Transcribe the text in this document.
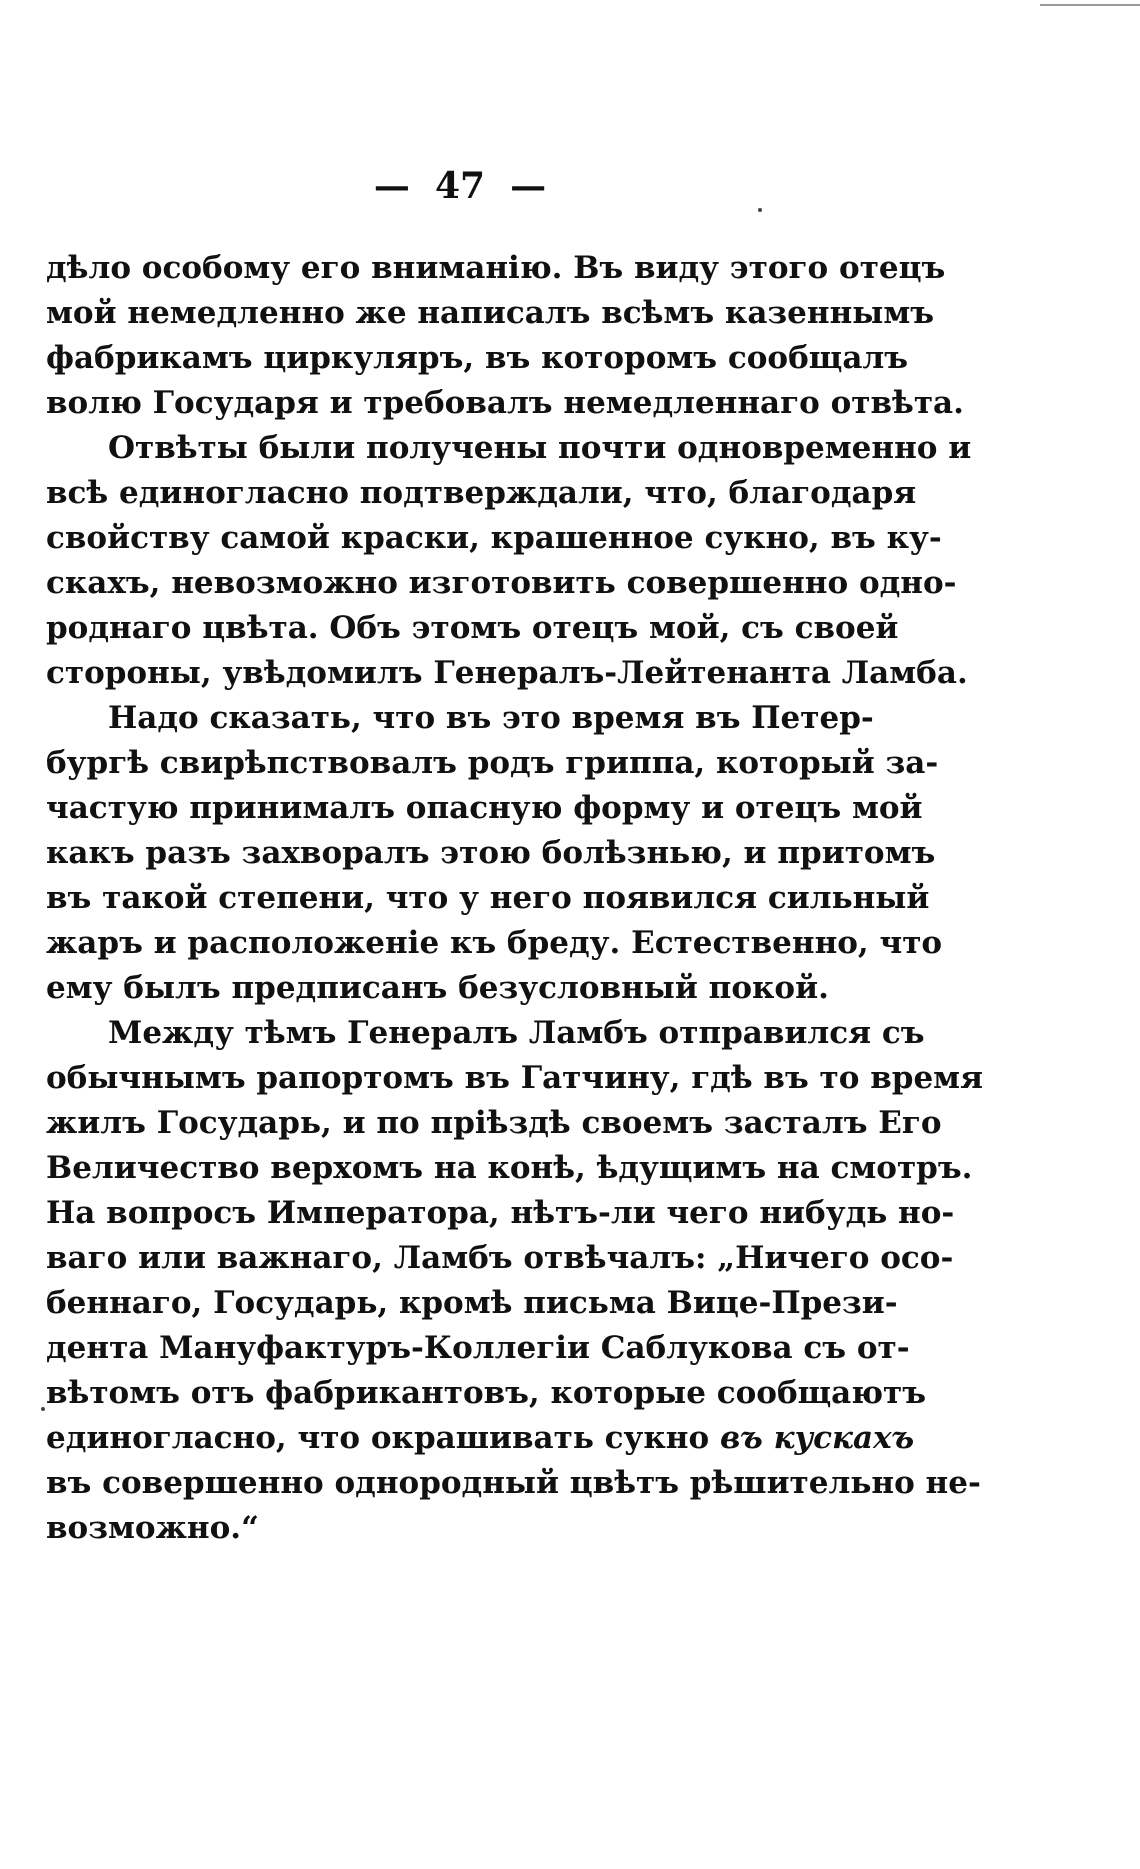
—  47  —
дѣло особому его вниманію. Въ виду этого отецъ
мой немедленно же написалъ всѣмъ казеннымъ
фабрикамъ циркуляръ, въ которомъ сообщалъ
волю Государя и требовалъ немедленнаго отвѣта.
Отвѣты были получены почти одновременно и
всѣ единогласно подтверждали, что, благодаря
свойству самой краски, крашенное сукно, въ ку-
скахъ, невозможно изготовить совершенно одно-
роднаго цвѣта. Объ этомъ отецъ мой, съ своей
стороны, увѣдомилъ Генералъ-Лейтенанта Ламба.
Надо сказать, что въ это время въ Петер-
бургѣ свирѣпствовалъ родъ гриппа, который за-
частую принималъ опасную форму и отецъ мой
какъ разъ захворалъ этою болѣзнью, и притомъ
въ такой степени, что у него появился сильный
жаръ и расположеніе къ бреду. Естественно, что
ему былъ предписанъ безусловный покой.
Между тѣмъ Генералъ Ламбъ отправился съ
обычнымъ рапортомъ въ Гатчину, гдѣ въ то время
жилъ Государь, и по пріѣздѣ своемъ засталъ Его
Величество верхомъ на конѣ, ѣдущимъ на смотръ.
На вопросъ Императора, нѣтъ-ли чего нибудь но-
ваго или важнаго, Ламбъ отвѣчалъ: „Ничего осо-
беннаго, Государь, кромѣ письма Вице-Прези-
дента Мануфактуръ-Коллегіи Саблукова съ от-
вѣтомъ отъ фабрикантовъ, которые сообщаютъ
единогласно, что окрашивать сукно въ кускахъ
въ совершенно однородный цвѣтъ рѣшительно не-
возможно.“
